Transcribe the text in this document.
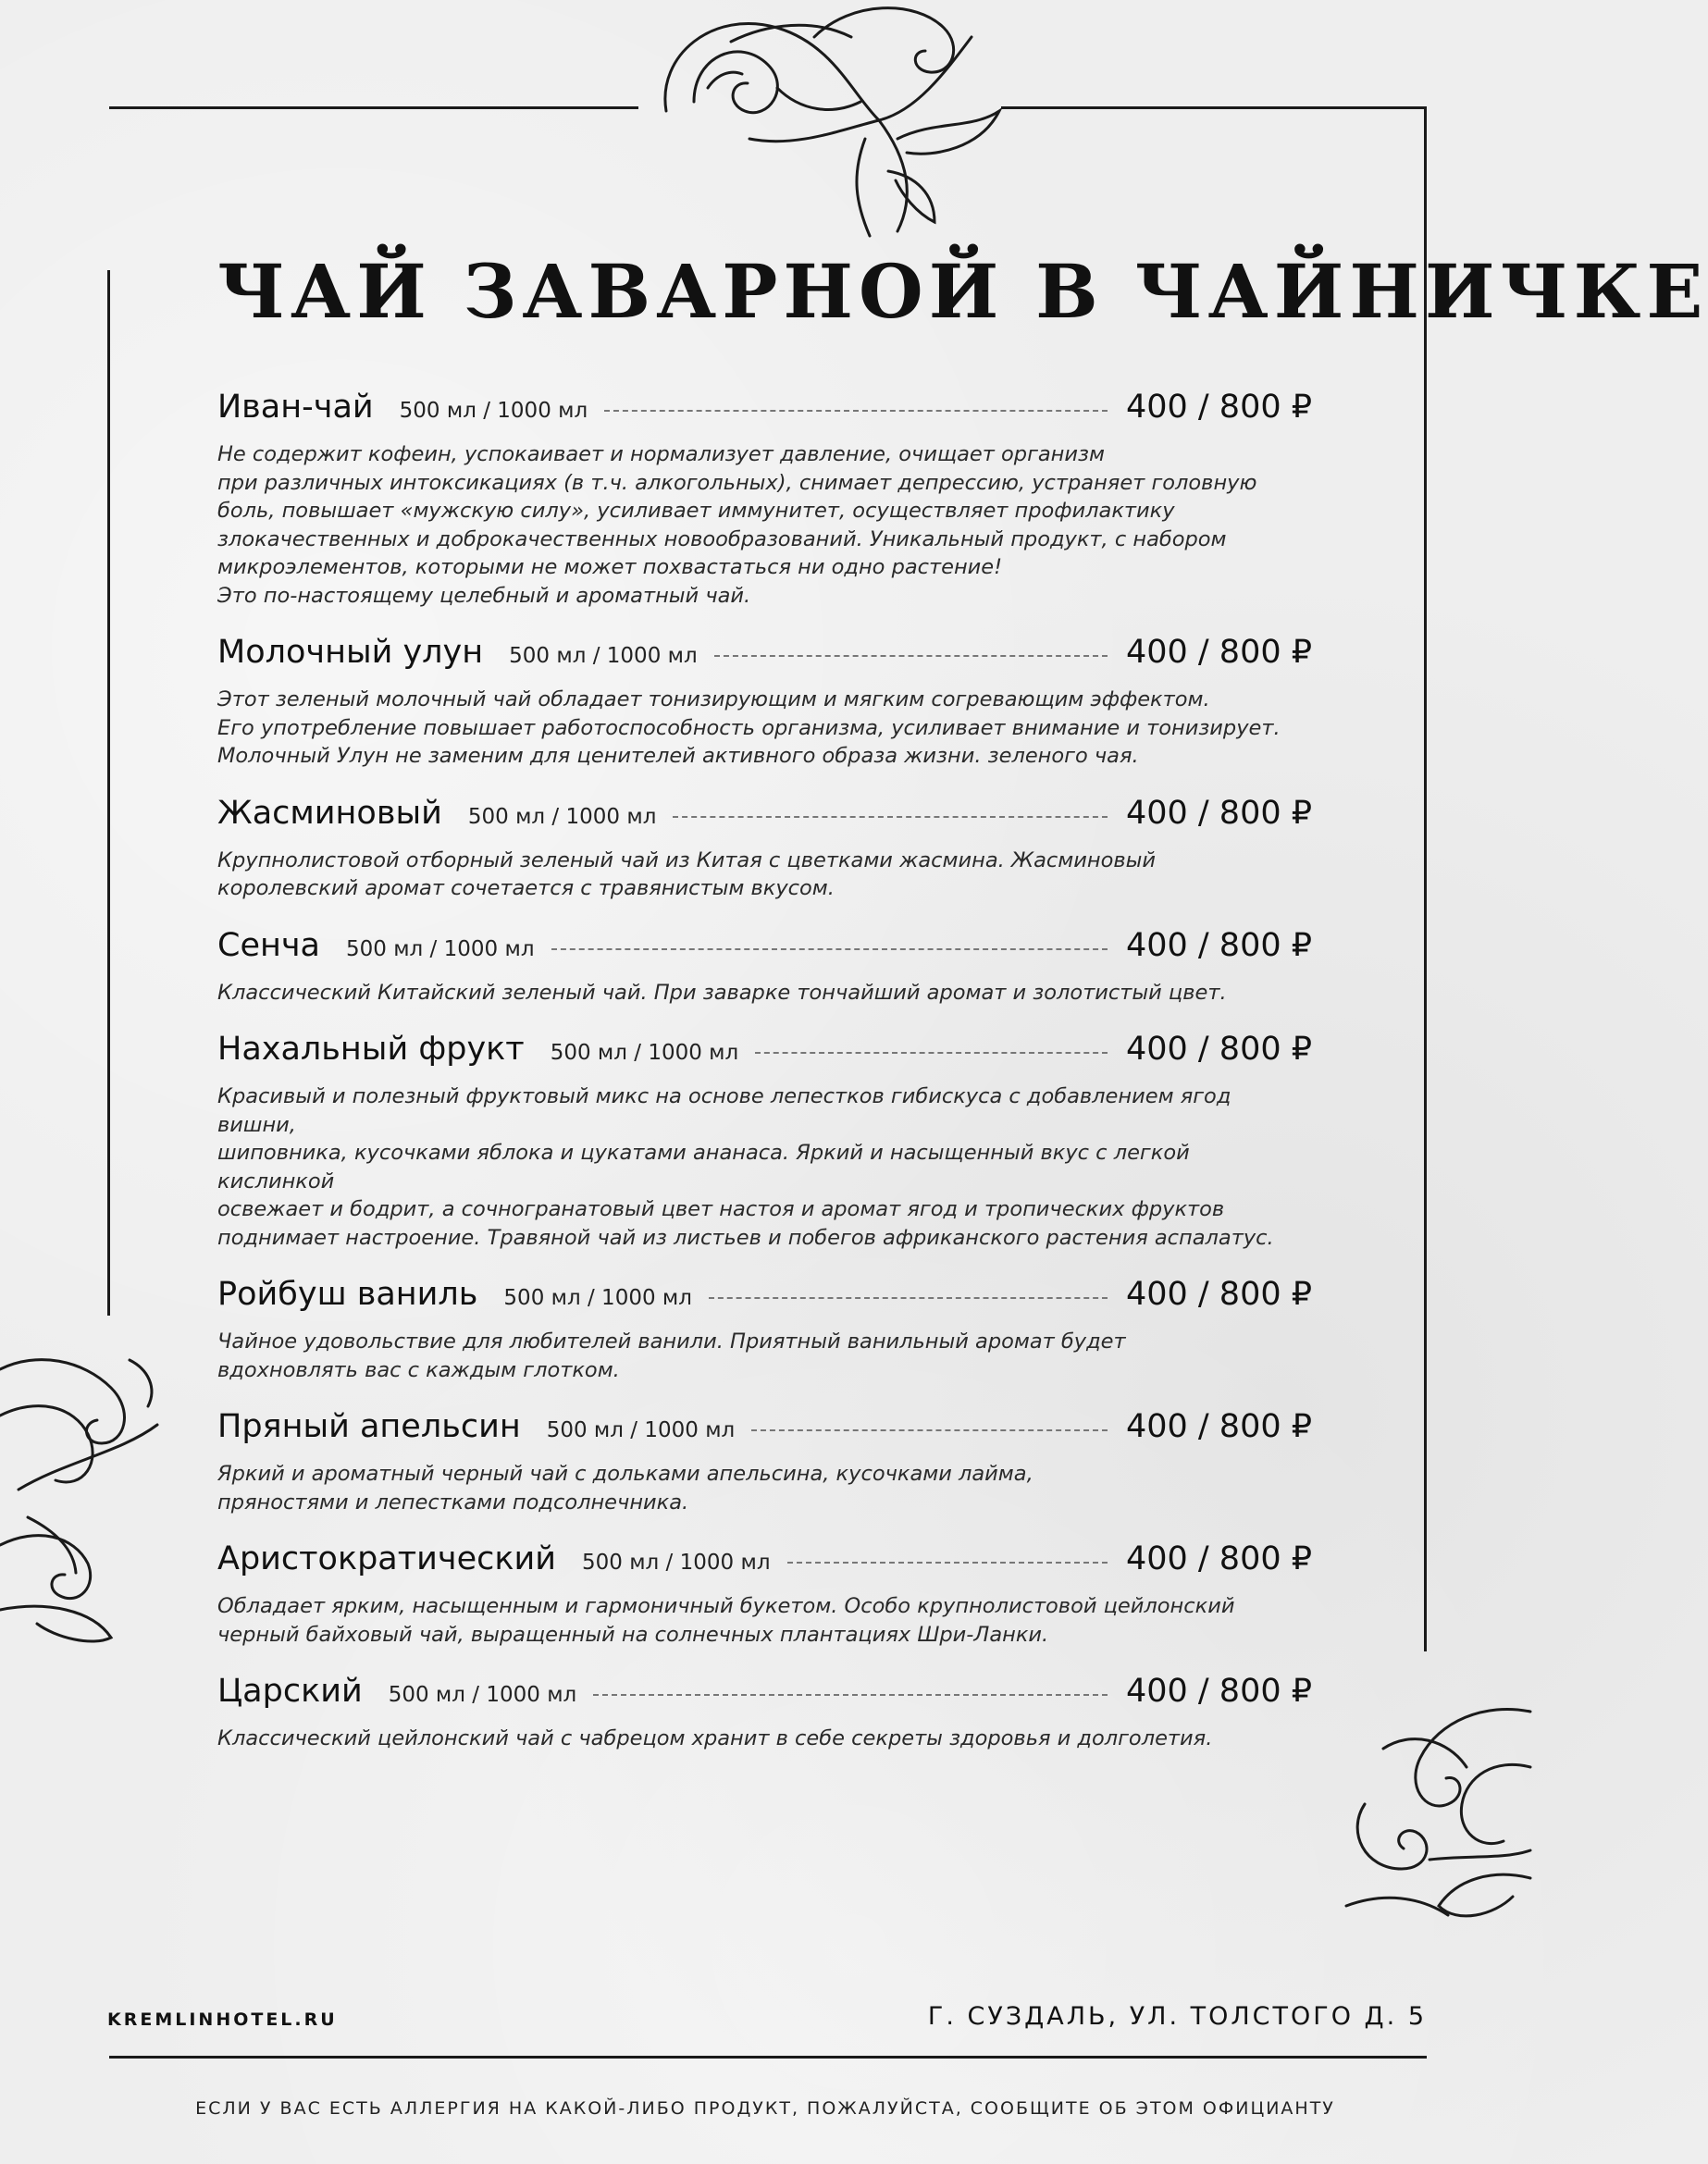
ЧАЙ ЗАВАРНОЙ В ЧАЙНИЧКЕ
Иван-чай 500 мл / 1000 мл	400 / 800 ₽

Не содержит кофеин, успокаивает и нормализует давление, очищает организм
при различных интоксикациях (в т.ч. алкогольных), снимает депрессию, устраняет головную
боль, повышает «мужскую силу», усиливает иммунитет, осуществляет профилактику
злокачественных и доброкачественных новообразований. Уникальный продукт, с набором
микроэлементов, которыми не может похвастаться ни одно растение!
Это по-настоящему целебный и ароматный чай.

Молочный улун 500 мл / 1000 мл	400 / 800 ₽

Этот зеленый молочный чай обладает тонизирующим и мягким согревающим эффектом.
Его употребление повышает работоспособность организма, усиливает внимание и тонизирует.
Молочный Улун не заменим для ценителей активного образа жизни. зеленого чая.

Жасминовый 500 мл / 1000 мл	400 / 800 ₽

Крупнолистовой отборный зеленый чай из Китая с цветками жасмина. Жасминовый
королевский аромат сочетается с травянистым вкусом.

Сенча 500 мл / 1000 мл	400 / 800 ₽

Классический Китайский зеленый чай. При заварке тончайший аромат и золотистый цвет.

Нахальный фрукт 500 мл / 1000 мл	400 / 800 ₽

Красивый и полезный фруктовый микс на основе лепестков гибискуса с добавлением ягод вишни,
шиповника, кусочками яблока и цукатами ананаса. Яркий и насыщенный вкус с легкой кислинкой
освежает и бодрит, а сочногранатовый цвет настоя и аромат ягод и тропических фруктов
поднимает настроение. Травяной чай из листьев и побегов африканского растения аспалатус.

Ройбуш ваниль 500 мл / 1000 мл	400 / 800 ₽

Чайное удовольствие для любителей ванили. Приятный ванильный аромат будет
вдохновлять вас с каждым глотком.

Пряный апельсин 500 мл / 1000 мл	400 / 800 ₽

Яркий и ароматный черный чай с дольками апельсина, кусочками лайма,
пряностями и лепестками подсолнечника.

Аристократический 500 мл / 1000 мл	400 / 800 ₽

Обладает ярким, насыщенным и гармоничный букетом. Особо крупнолистовой цейлонский
черный байховый чай, выращенный на солнечных плантациях Шри-Ланки.

Царский 500 мл / 1000 мл	400 / 800 ₽

Классический цейлонский чай с чабрецом хранит в себе секреты здоровья и долголетия.

KREMLINHOTEL.RU	Г. СУЗДАЛЬ, УЛ. ТОЛСТОГО Д. 5
ЕСЛИ У ВАС ЕСТЬ АЛЛЕРГИЯ НА КАКОЙ-ЛИБО ПРОДУКТ, ПОЖАЛУЙСТА, СООБЩИТЕ ОБ ЭТОМ ОФИЦИАНТУ
